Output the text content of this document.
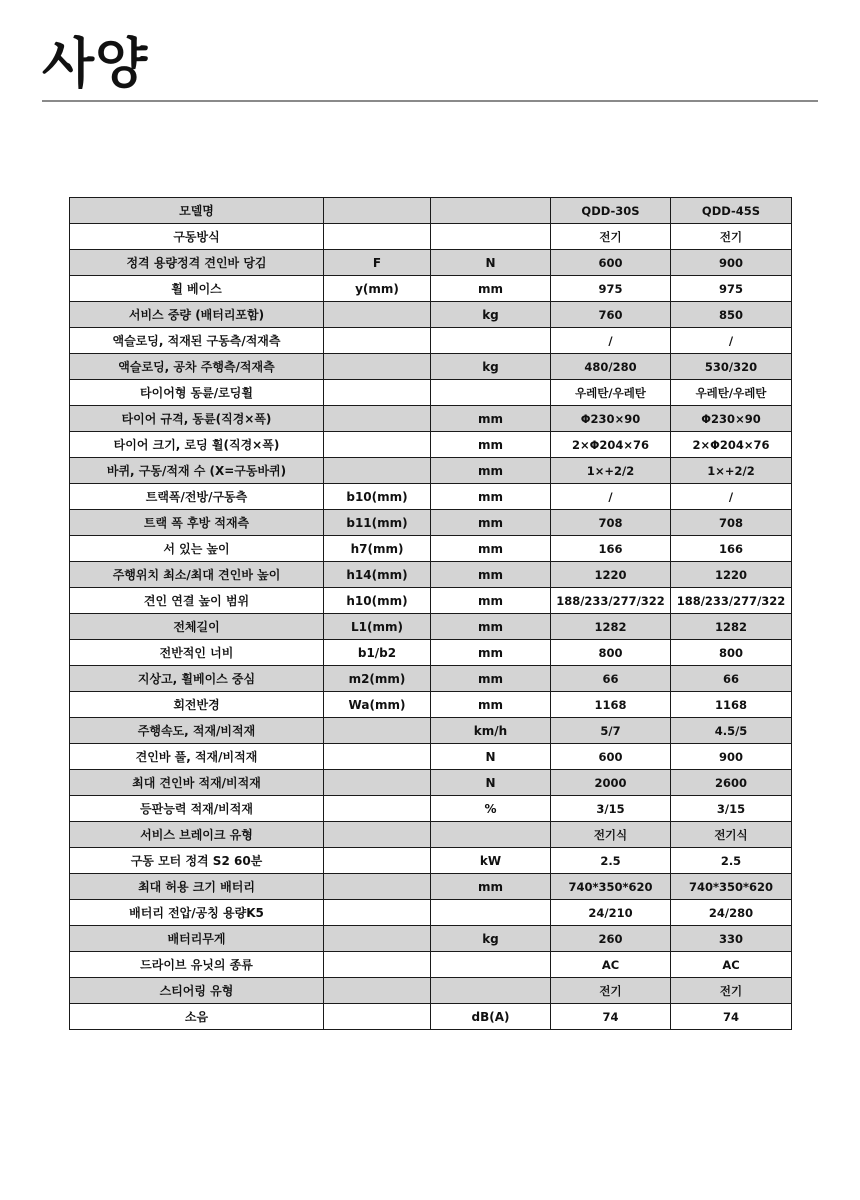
사양
모델명			QDD-30S	QDD-45S
구동방식			전기	전기
정격 용량정격 견인바 당김	F	N	600	900
휠 베이스	y(mm)	mm	975	975
서비스 중량 (배터리포함)		kg	760	850
액슬로딩, 적재된 구동측/적재측			/	/
액슬로딩, 공차 주행측/적재측		kg	480/280	530/320
타이어형 동륜/로딩휠			우레탄/우레탄	우레탄/우레탄
타이어 규격, 동륜(직경×폭)		mm	Φ230×90	Φ230×90
타이어 크기, 로딩 휠(직경×폭)		mm	2×Φ204×76	2×Φ204×76
바퀴, 구동/적재 수 (X=구동바퀴)		mm	1×+2/2	1×+2/2
트랙폭/전방/구동측	b10(mm)	mm	/	/
트랙 폭 후방 적재측	b11(mm)	mm	708	708
서 있는 높이	h7(mm)	mm	166	166
주행위치 최소/최대 견인바 높이	h14(mm)	mm	1220	1220
견인 연결 높이 범위	h10(mm)	mm	188/233/277/322	188/233/277/322
전체길이	L1(mm)	mm	1282	1282
전반적인 너비	b1/b2	mm	800	800
지상고, 휠베이스 중심	m2(mm)	mm	66	66
회전반경	Wa(mm)	mm	1168	1168
주행속도, 적재/비적재		km/h	5/7	4.5/5
견인바 풀, 적재/비적재		N	600	900
최대 견인바 적재/비적재		N	2000	2600
등판능력 적재/비적재		%	3/15	3/15
서비스 브레이크 유형			전기식	전기식
구동 모터 정격 S2 60분		kW	2.5	2.5
최대 허용 크기 배터리		mm	740*350*620	740*350*620
배터리 전압/공칭 용량K5			24/210	24/280
배터리무게		kg	260	330
드라이브 유닛의 종류			AC	AC
스티어링 유형			전기	전기
소음		dB(A)	74	74
